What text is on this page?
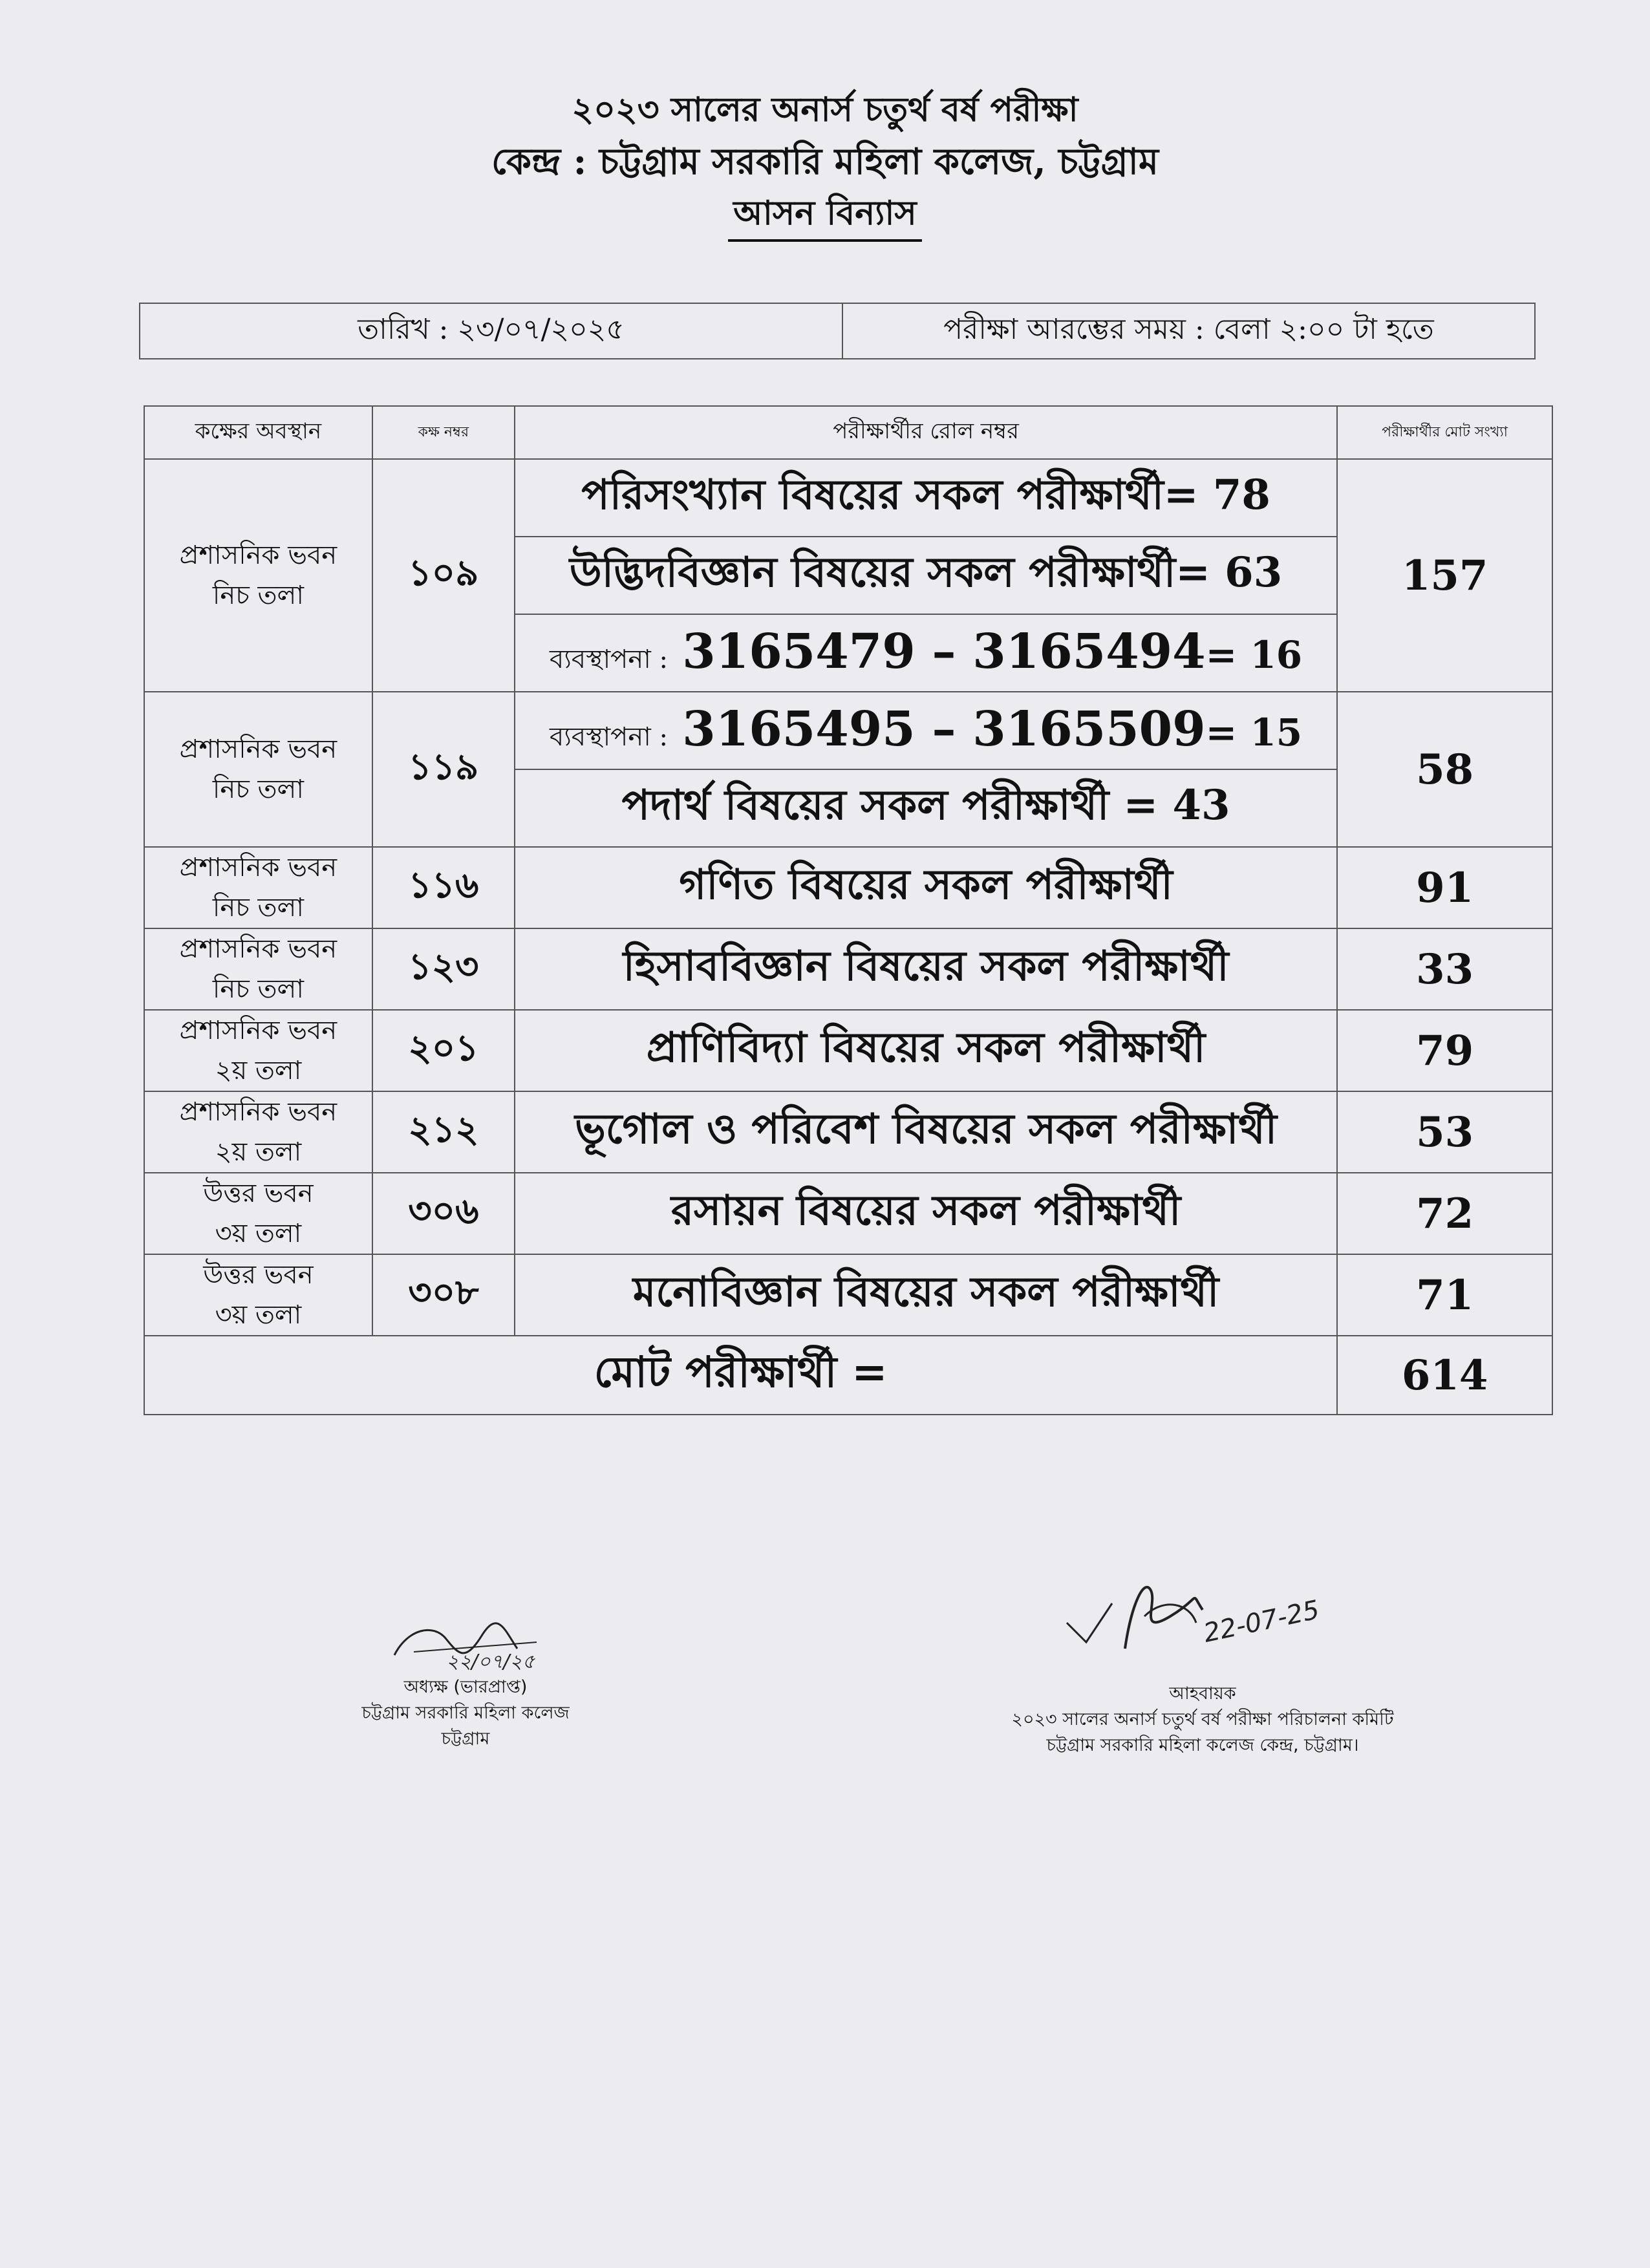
২০২৩ সালের অনার্স চতুর্থ বর্ষ পরীক্ষা
কেন্দ্র : চট্টগ্রাম সরকারি মহিলা কলেজ, চট্টগ্রাম
আসন বিন্যাস
তারিখ : ২৩/০৭/২০২৫	পরীক্ষা আরম্ভের সময় : বেলা ২:০০ টা হতে
কক্ষের অবস্থান	কক্ষ নম্বর	পরীক্ষার্থীর রোল নম্বর	পরীক্ষার্থীর মোট সংখ্যা

প্রশাসনিক ভবন
নিচ তলা	১০৯	পরিসংখ্যান বিষয়ের সকল পরীক্ষার্থী= 78	157
		উদ্ভিদবিজ্ঞান বিষয়ের সকল পরীক্ষার্থী= 63	
		ব্যবস্থাপনা : 3165479 – 3165494= 16	

প্রশাসনিক ভবন
নিচ তলা	১১৯	ব্যবস্থাপনা : 3165495 – 3165509= 15	58
		পদার্থ বিষয়ের সকল পরীক্ষার্থী = 43	

প্রশাসনিক ভবন
নিচ তলা	১১৬	গণিত বিষয়ের সকল পরীক্ষার্থী	91

প্রশাসনিক ভবন
নিচ তলা	১২৩	হিসাববিজ্ঞান বিষয়ের সকল পরীক্ষার্থী	33

প্রশাসনিক ভবন
২য় তলা	২০১	প্রাণিবিদ্যা বিষয়ের সকল পরীক্ষার্থী	79

প্রশাসনিক ভবন
২য় তলা	২১২	ভূগোল ও পরিবেশ বিষয়ের সকল পরীক্ষার্থী	53

উত্তর ভবন
৩য় তলা	৩০৬	রসায়ন বিষয়ের সকল পরীক্ষার্থী	72

উত্তর ভবন
৩য় তলা	৩০৮	মনোবিজ্ঞান বিষয়ের সকল পরীক্ষার্থী	71
মোট পরীক্ষার্থী =			614
২২/০৭/২৫
অধ্যক্ষ (ভারপ্রাপ্ত)
চট্টগ্রাম সরকারি মহিলা কলেজ
চট্টগ্রাম
22-07-25
আহবায়ক
২০২৩ সালের অনার্স চতুর্থ বর্ষ পরীক্ষা পরিচালনা কমিটি
চট্টগ্রাম সরকারি মহিলা কলেজ কেন্দ্র, চট্টগ্রাম।
